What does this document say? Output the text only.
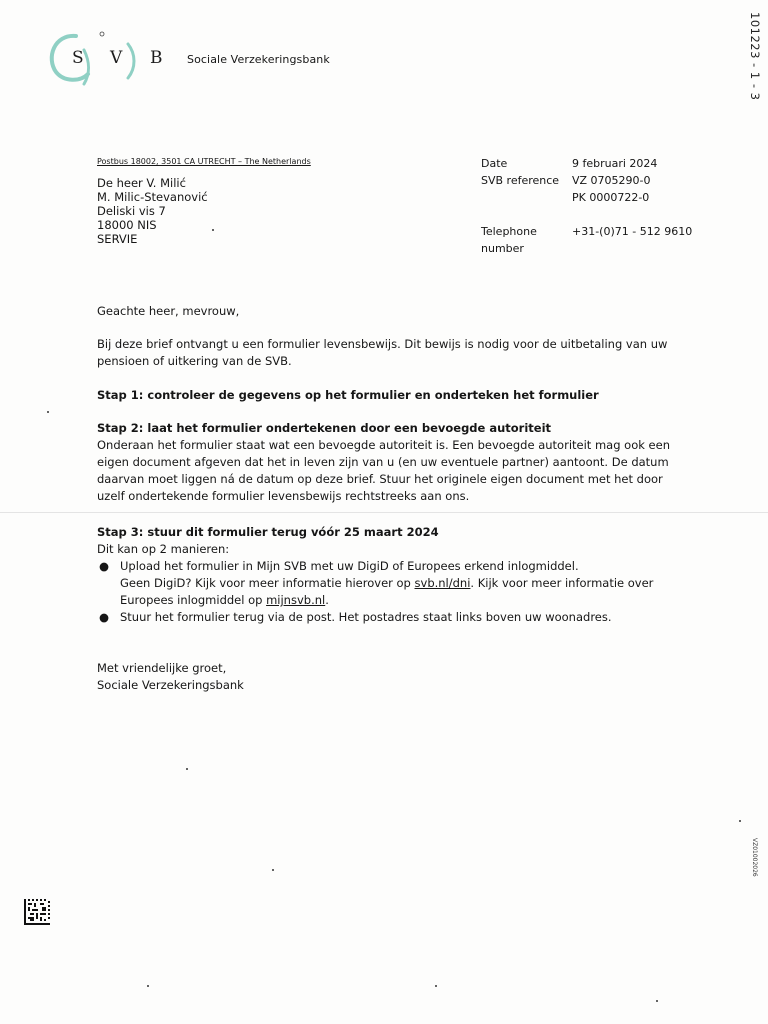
S V B Sociale Verzekeringsbank	101223 - 1 - 3
VZ01002026
Postbus 18002, 3501 CA UTRECHT – The Netherlands
De heer V. Milić
M. Milic-Stevanović
Deliski vis 7
18000 NIS
SERVIE
Date	9 februari 2024
SVB reference VZ 0705290-0
PK 0000722-0
Telephone number
+31-(0)71 - 512 9610
Geachte heer, mevrouw,
Bij deze brief ontvangt u een formulier levensbewijs. Dit bewijs is nodig voor de uitbetaling van uw pensioen of uitkering van de SVB.
Stap 1: controleer de gegevens op het formulier en onderteken het formulier
Stap 2: laat het formulier ondertekenen door een bevoegde autoriteit
Onderaan het formulier staat wat een bevoegde autoriteit is. Een bevoegde autoriteit mag ook een eigen document afgeven dat het in leven zijn van u (en uw eventuele partner) aantoont. De datum daarvan moet liggen ná de datum op deze brief. Stuur het originele eigen document met het door uzelf ondertekende formulier levensbewijs rechtstreeks aan ons.
Stap 3: stuur dit formulier terug vóór 25 maart 2024
Dit kan op 2 manieren:
● Upload het formulier in Mijn SVB met uw DigiD of Europees erkend inlogmiddel.
Geen DigiD? Kijk voor meer informatie hierover op svb.nl/dni. Kijk voor meer informatie over
Europees inlogmiddel op mijnsvb.nl.
● Stuur het formulier terug via de post. Het postadres staat links boven uw woonadres.
Met vriendelijke groet,
Sociale Verzekeringsbank
